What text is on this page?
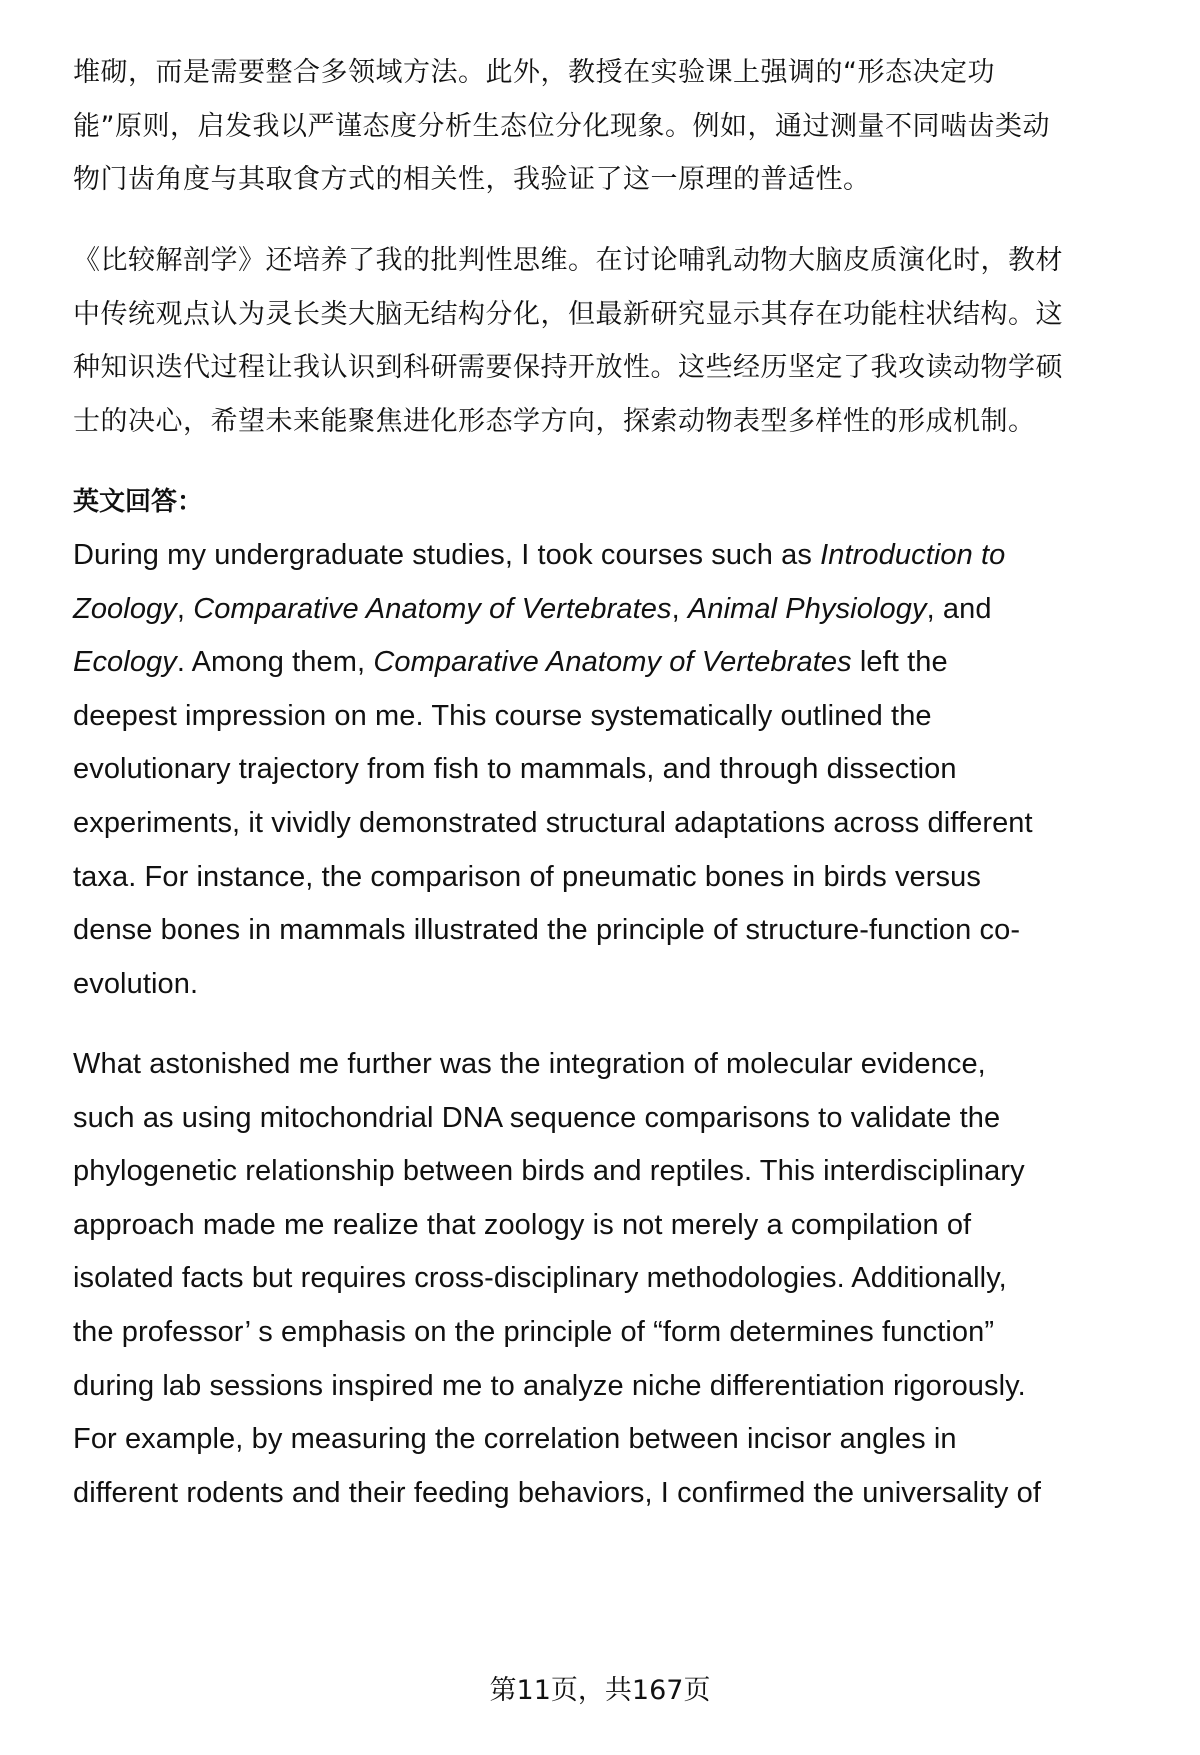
英文回答：
第11页，共167页
堆砌，而是需要整合多领域方法。此外，教授在实验课上强调的“形态决定功
能”原则，启发我以严谨态度分析生态位分化现象。例如，通过测量不同啮齿类动
物门齿角度与其取食方式的相关性，我验证了这一原理的普适性。
《比较解剖学》还培养了我的批判性思维。在讨论哺乳动物大脑皮质演化时，教材
中传统观点认为灵长类大脑无结构分化，但最新研究显示其存在功能柱状结构。这
种知识迭代过程让我认识到科研需要保持开放性。这些经历坚定了我攻读动物学硕
士的决心，希望未来能聚焦进化形态学方向，探索动物表型多样性的形成机制。
During my undergraduate studies, I took courses such as Introduction to
Zoology, Comparative Anatomy of Vertebrates, Animal Physiology, and
Ecology. Among them, Comparative Anatomy of Vertebrates left the
deepest impression on me. This course systematically outlined the
evolutionary trajectory from fish to mammals, and through dissection
experiments, it vividly demonstrated structural adaptations across different
taxa. For instance, the comparison of pneumatic bones in birds versus
dense bones in mammals illustrated the principle of structure-function co-
evolution.
What astonished me further was the integration of molecular evidence,
such as using mitochondrial DNA sequence comparisons to validate the
phylogenetic relationship between birds and reptiles. This interdisciplinary
approach made me realize that zoology is not merely a compilation of
isolated facts but requires cross-disciplinary methodologies. Additionally,
the professor’ s emphasis on the principle of “form determines function”
during lab sessions inspired me to analyze niche differentiation rigorously.
For example, by measuring the correlation between incisor angles in
different rodents and their feeding behaviors, I confirmed the universality of
